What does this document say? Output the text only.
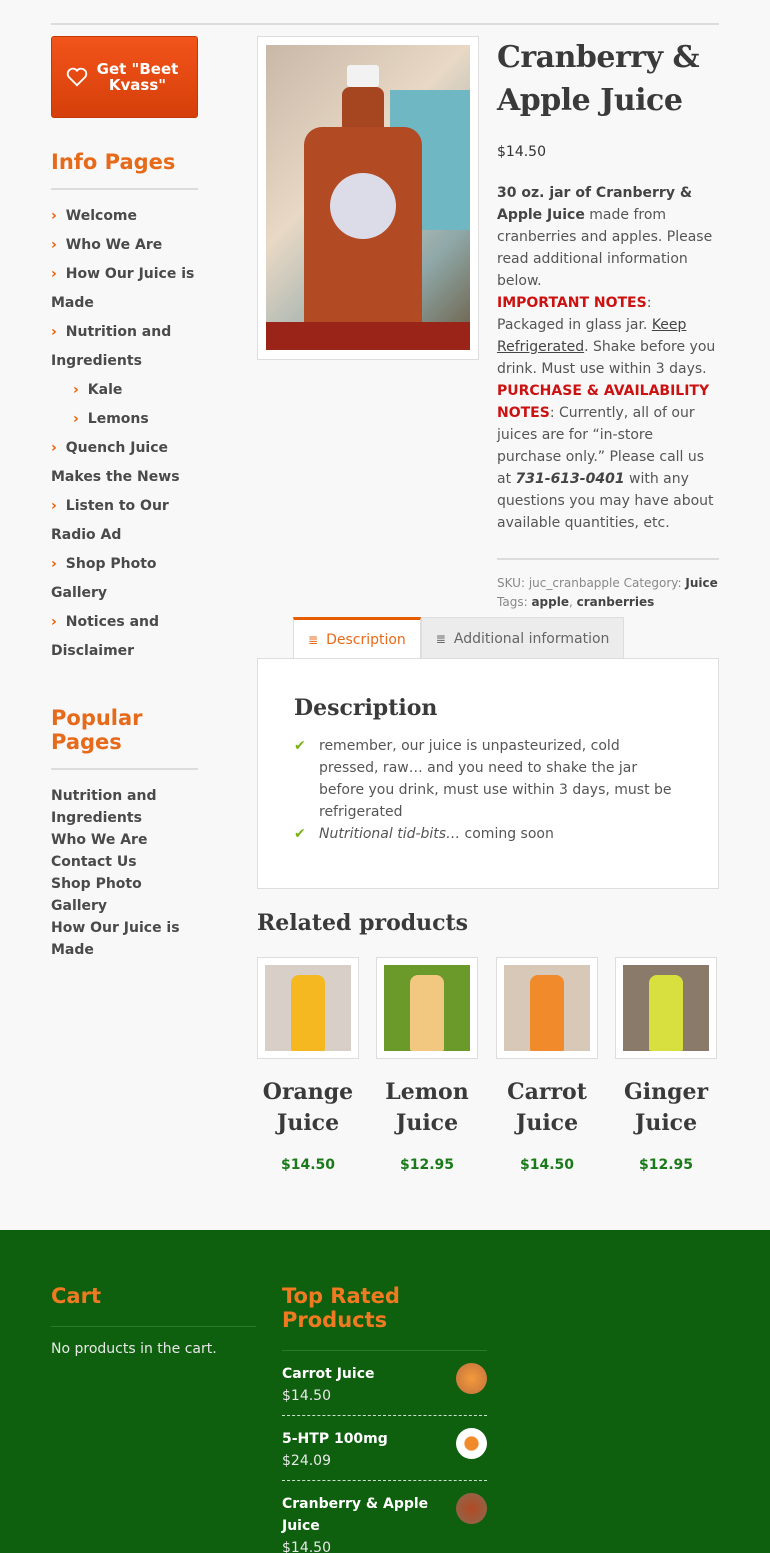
Get "Beet Kvass"
Info Pages
› Welcome
› Who We Are
› How Our Juice is Made
› Nutrition and Ingredients
› Kale
› Lemons
› Quench Juice Makes the News
› Listen to Our Radio Ad
› Shop Photo Gallery
› Notices and Disclaimer
Popular Pages
Nutrition and Ingredients
Who We Are
Contact Us
Shop Photo Gallery
How Our Juice is Made
Cranberry & Apple Juice
$14.50
30 oz. jar of Cranberry & Apple Juice made from cranberries and apples. Please read additional information below.
IMPORTANT NOTES: Packaged in glass jar. Keep Refrigerated. Shake before you drink. Must use within 3 days.
PURCHASE & AVAILABILITY NOTES: Currently, all of our juices are for “in-store purchase only.” Please call us at 731-613-0401 with any questions you may have about available quantities, etc.
SKU: juc_cranbapple Category: Juice
Tags: apple, cranberries
≣ Description	≣ Additional information
Description
✔ remember, our juice is unpasteurized, cold pressed, raw… and you need to shake the jar before you drink, must use within 3 days, must be refrigerated
✔ Nutritional tid-bits… coming soon
Related products
Orange Juice
$14.50
Lemon Juice
$12.95
Carrot Juice
$14.50
Ginger Juice
$12.95
Cart

No products in the cart.

Top Rated Products
Carrot Juice
$14.50
5-HTP 100mg
$24.09
Cranberry & Apple Juice
$14.50
